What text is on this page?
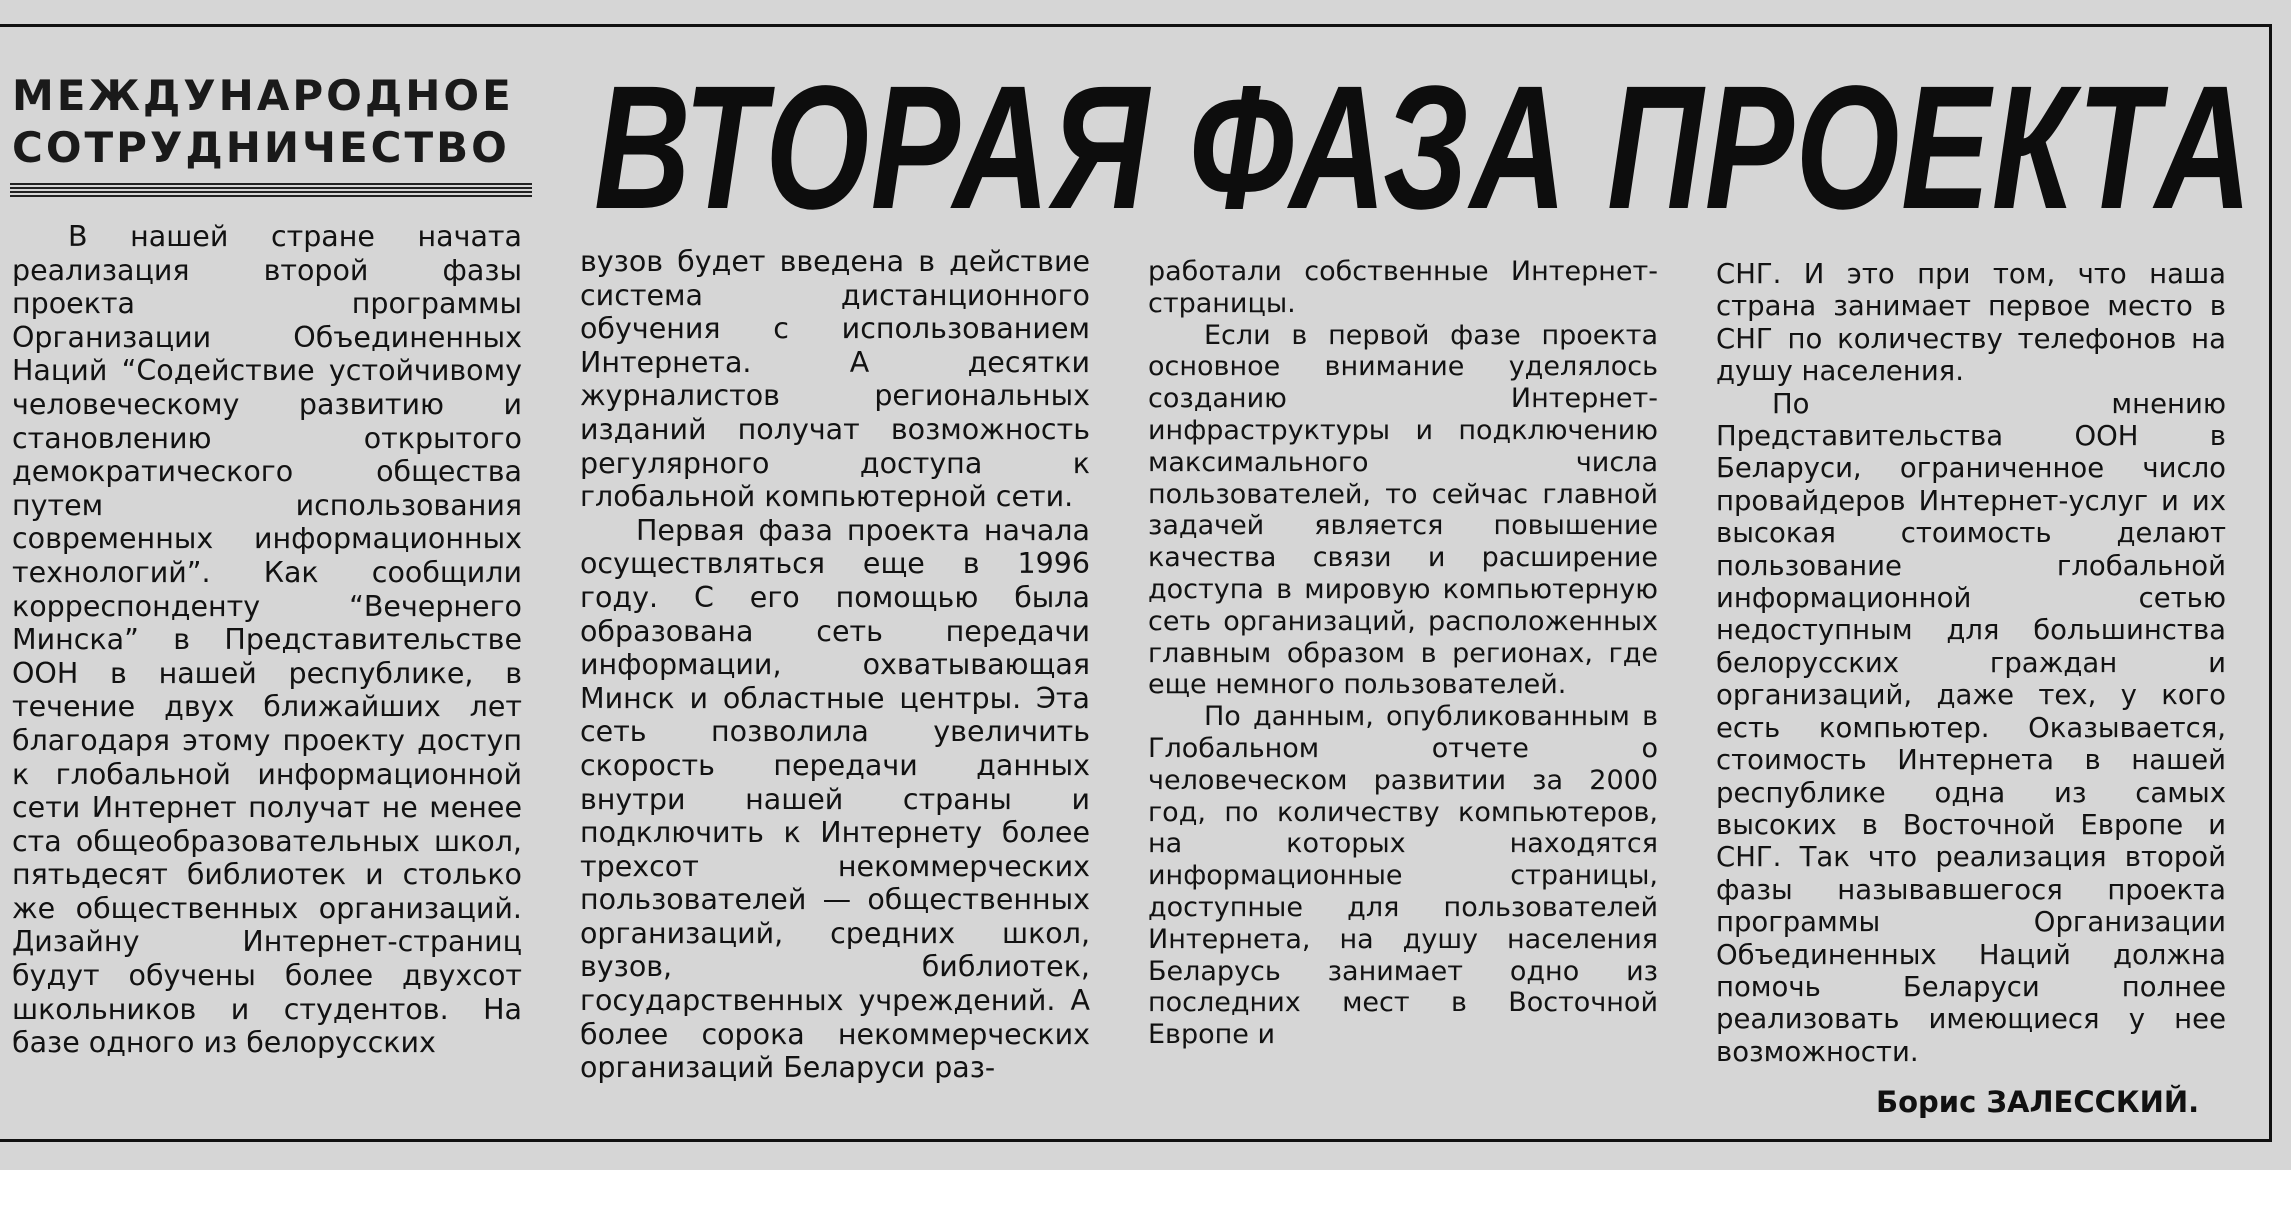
МЕЖДУНАРОДНОЕ СОТРУДНИЧЕСТВО ВТОРАЯ ФАЗА ПРОЕКТА

В нашей стране начата реализация второй фазы проекта программы Организации Объединенных Наций “Содействие устойчивому человеческому развитию и становлению открытого демократического общества путем использования современных информационных технологий”. Как сообщили корреспонденту “Вечернего Минска” в Представительстве ООН в нашей республике, в течение двух ближайших лет благодаря этому проекту доступ к глобальной информационной сети Интернет получат не менее ста общеобразовательных школ, пятьдесят библиотек и столько же общественных организаций. Дизайну Интернет-страниц будут обучены более двухсот школьников и студентов. На базе одного из белорусских

вузов будет введена в действие система дистанционного обучения с использованием Интернета. А десятки журналистов региональных изданий получат возможность регулярного доступа к глобальной компьютерной сети.

Первая фаза проекта начала осуществляться еще в 1996 году. С его помощью была образована сеть передачи информации, охватывающая Минск и областные центры. Эта сеть позволила увеличить скорость передачи данных внутри нашей страны и подключить к Интернету более трехсот некоммерческих пользователей — общественных организаций, средних школ, вузов, библиотек, государственных учреждений. А более сорока некоммерческих организаций Беларуси раз-

работали собственные Интернет-страницы.

Если в первой фазе проекта основное внимание уделялось созданию Интернет-инфраструктуры и подключению максимального числа пользователей, то сейчас главной задачей является повышение качества связи и расширение доступа в мировую компьютерную сеть организаций, расположенных главным образом в регионах, где еще немного пользователей.

По данным, опубликованным в Глобальном отчете о человеческом развитии за 2000 год, по количеству компьютеров, на которых находятся информационные страницы, доступные для пользователей Интернета, на душу населения Беларусь занимает одно из последних мест в Восточной Европе и

СНГ. И это при том, что наша страна занимает первое место в СНГ по количеству телефонов на душу населения.

По мнению Представительства ООН в Беларуси, ограниченное число провайдеров Интернет-услуг и их высокая стоимость делают пользование глобальной информационной сетью недоступным для большинства белорусских граждан и организаций, даже тех, у кого есть компьютер. Оказывается, стоимость Интернета в нашей республике одна из самых высоких в Восточной Европе и СНГ. Так что реализация второй фазы называвшегося проекта программы Организации Объединенных Наций должна помочь Беларуси полнее реализовать имеющиеся у нее возможности.

Борис ЗАЛЕССКИЙ.
